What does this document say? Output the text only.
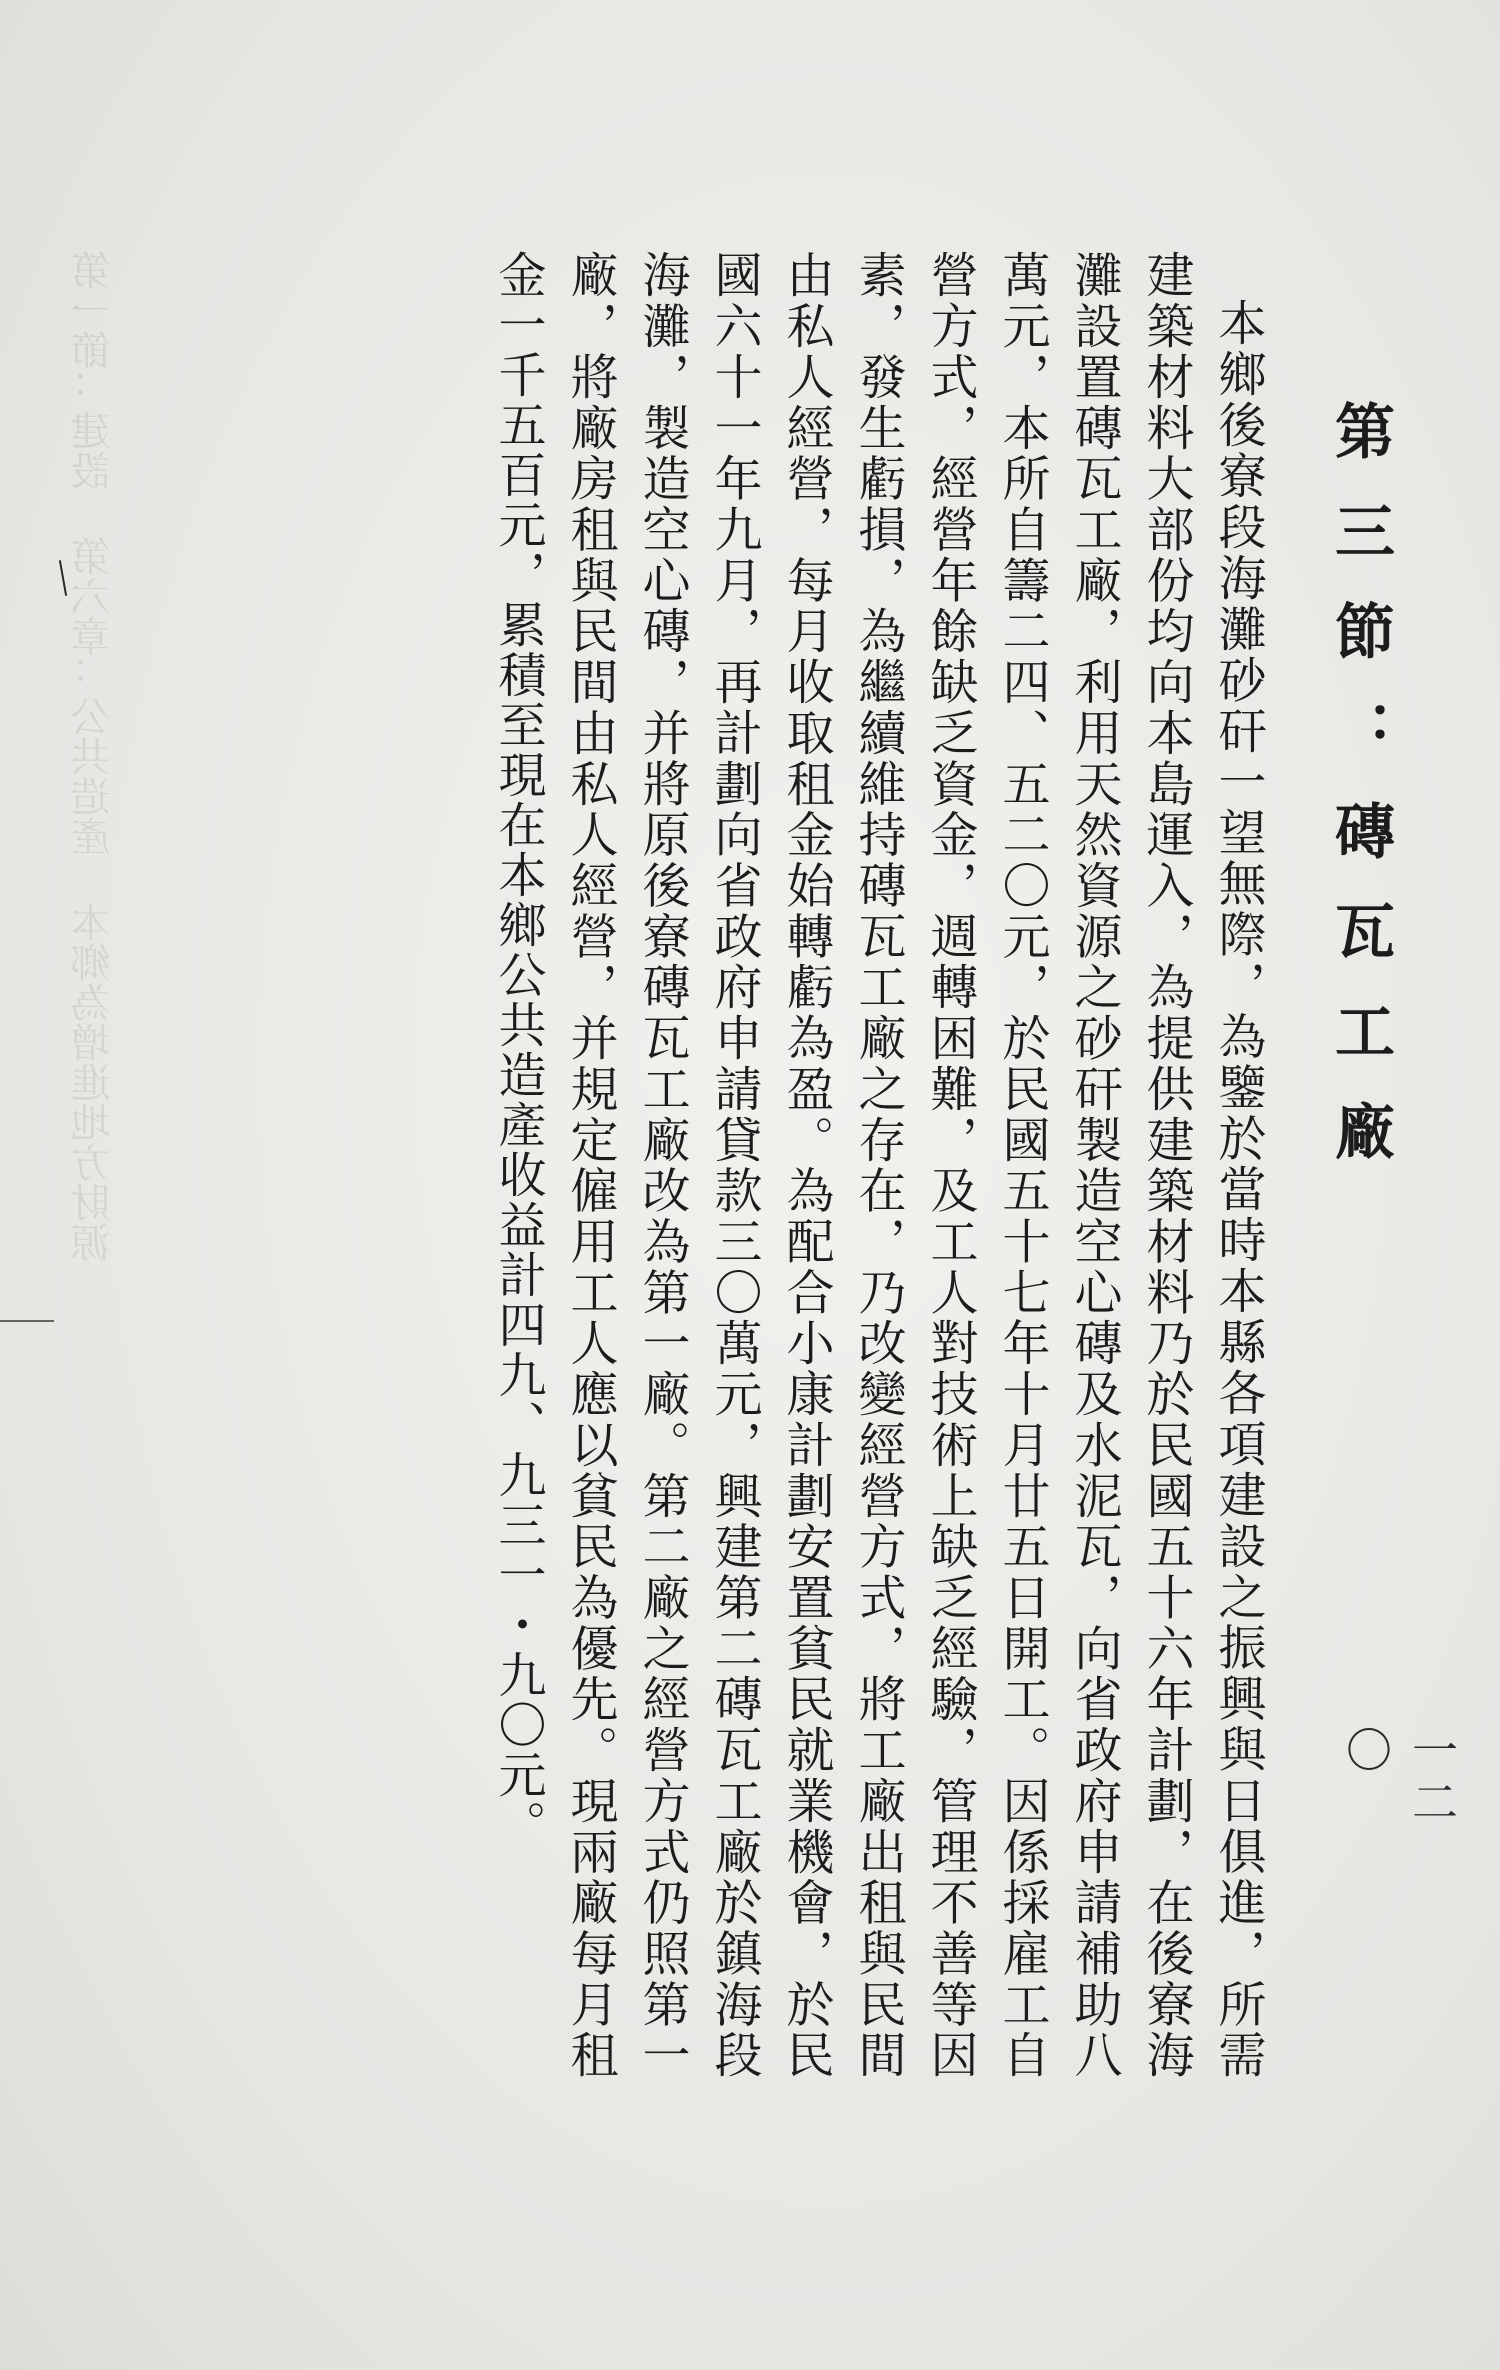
第一節：建設 第六章：公共造產 本鄉為增進地方財源	第三節：磚瓦工廠
本鄉後寮段海灘砂矸一望無際，為鑒於當時本縣各項建設之振興與日俱進，所需建築材料大部份均向本島運入，為提供建築材料乃於民國五十六年計劃，在後寮海灘設置磚瓦工廠，利用天然資源之砂矸製造空心磚及水泥瓦，向省政府申請補助八萬元，本所自籌二四、五二〇元，於民國五十七年十月廿五日開工。因係採雇工自營方式，經營年餘缺乏資金，週轉困難，及工人對技術上缺乏經驗，管理不善等因素，發生虧損，為繼續維持磚瓦工廠之存在，乃改變經營方式，將工廠出租與民間由私人經營，每月收取租金始轉虧為盈。為配合小康計劃安置貧民就業機會，於民國六十一年九月，再計劃向省政府申請貸款三〇萬元，興建第二磚瓦工廠於鎮海段海灘，製造空心磚，并將原後寮磚瓦工廠改為第一廠。第二廠之經營方式仍照第一廠，將廠房租與民間由私人經營，并規定僱用工人應以貧民為優先。現兩廠每月租金一千五百元，累積至現在本鄉公共造產收益計四九、九三一・九〇元。	一二〇
